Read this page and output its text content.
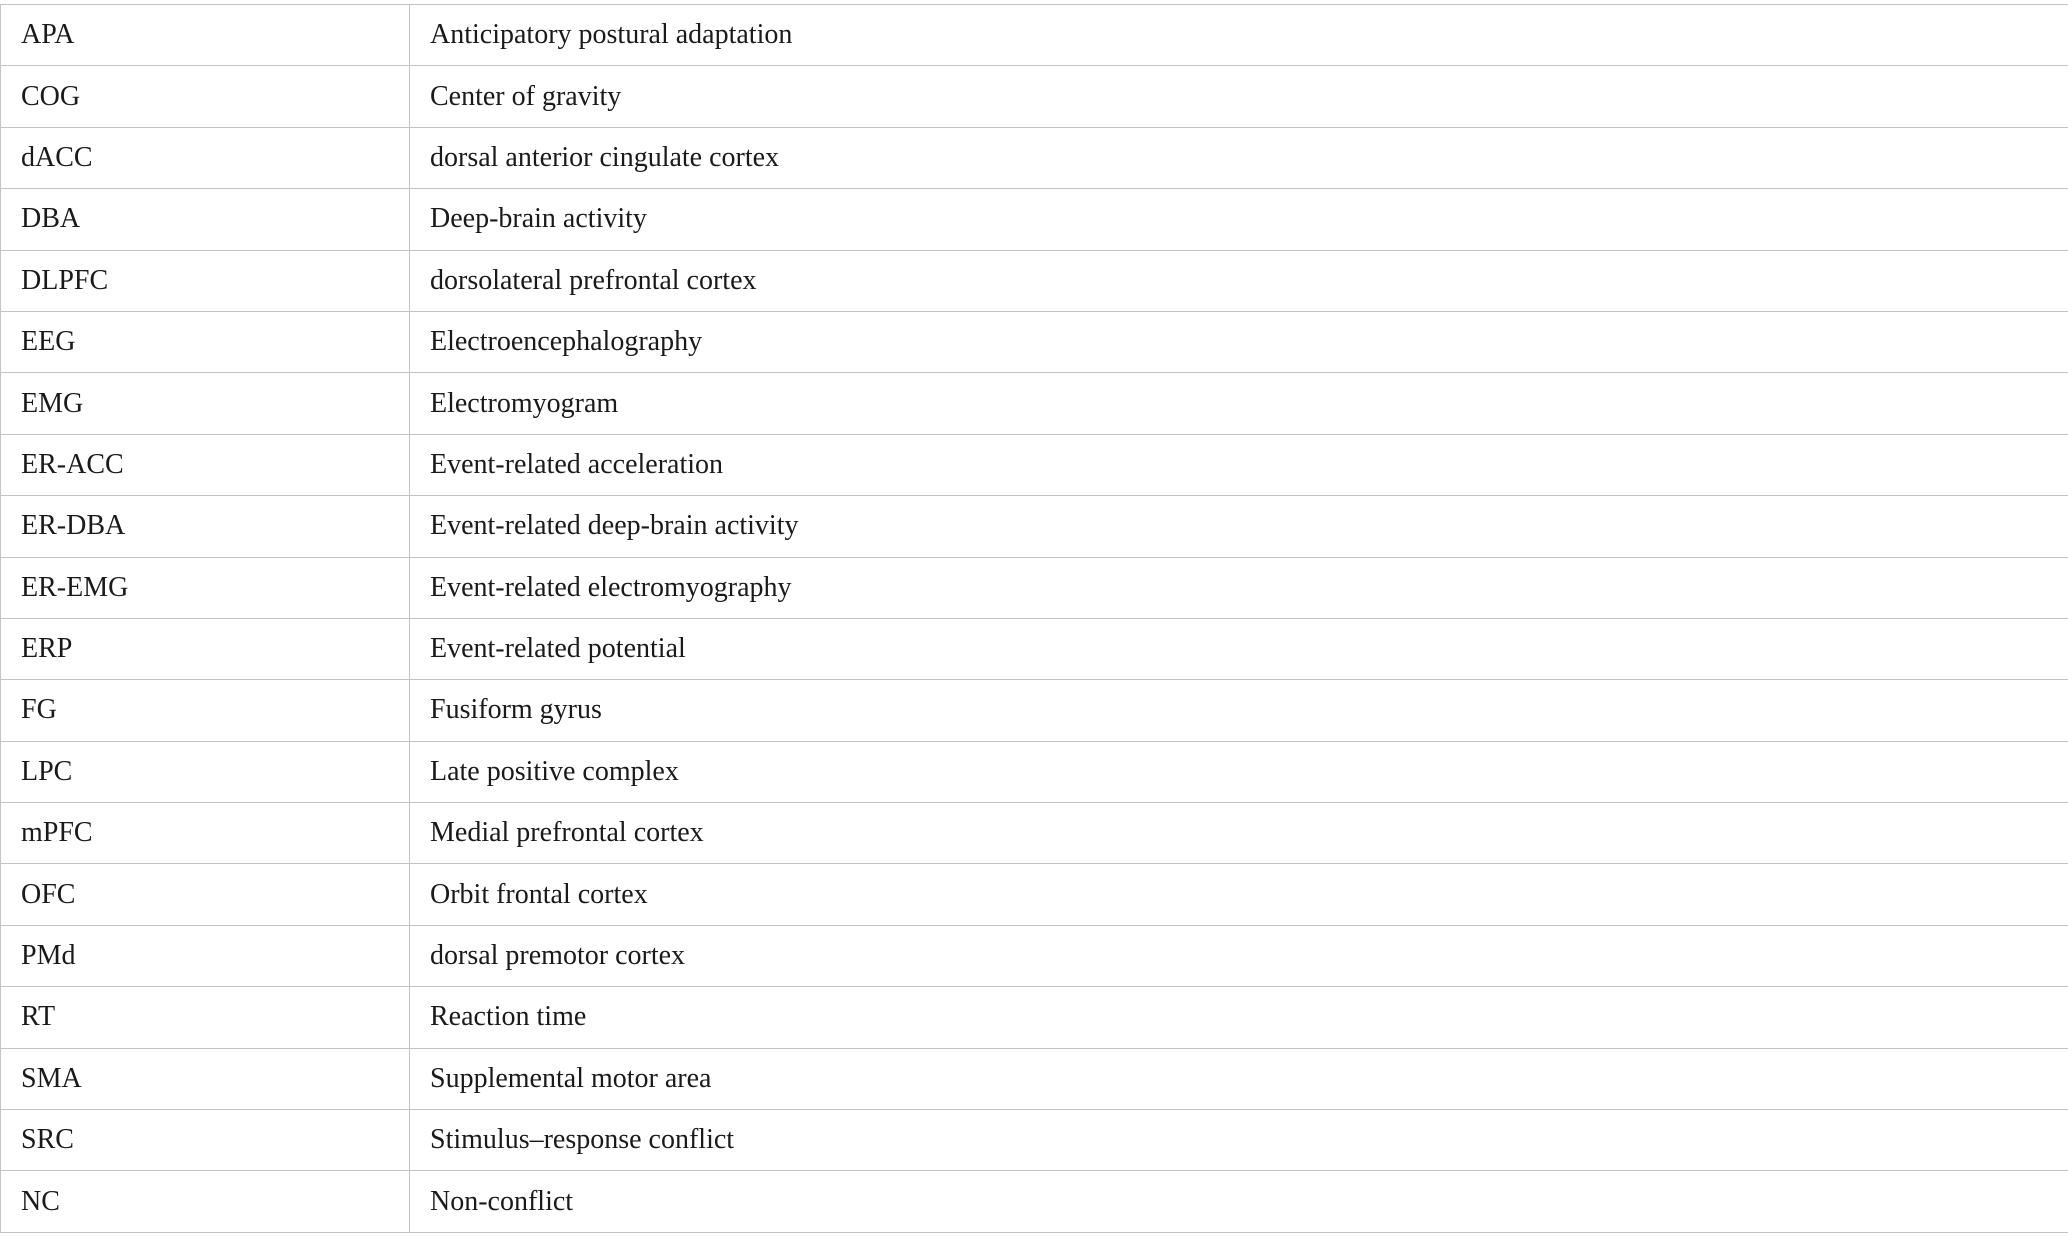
APA	Anticipatory postural adaptation
COG	Center of gravity
dACC	dorsal anterior cingulate cortex
DBA	Deep-brain activity
DLPFC	dorsolateral prefrontal cortex
EEG	Electroencephalography
EMG	Electromyogram
ER-ACC	Event-related acceleration
ER-DBA	Event-related deep-brain activity
ER-EMG	Event-related electromyography
ERP	Event-related potential
FG	Fusiform gyrus
LPC	Late positive complex
mPFC	Medial prefrontal cortex
OFC	Orbit frontal cortex
PMd	dorsal premotor cortex
RT	Reaction time
SMA	Supplemental motor area
SRC	Stimulus–response conflict
NC	Non-conflict
